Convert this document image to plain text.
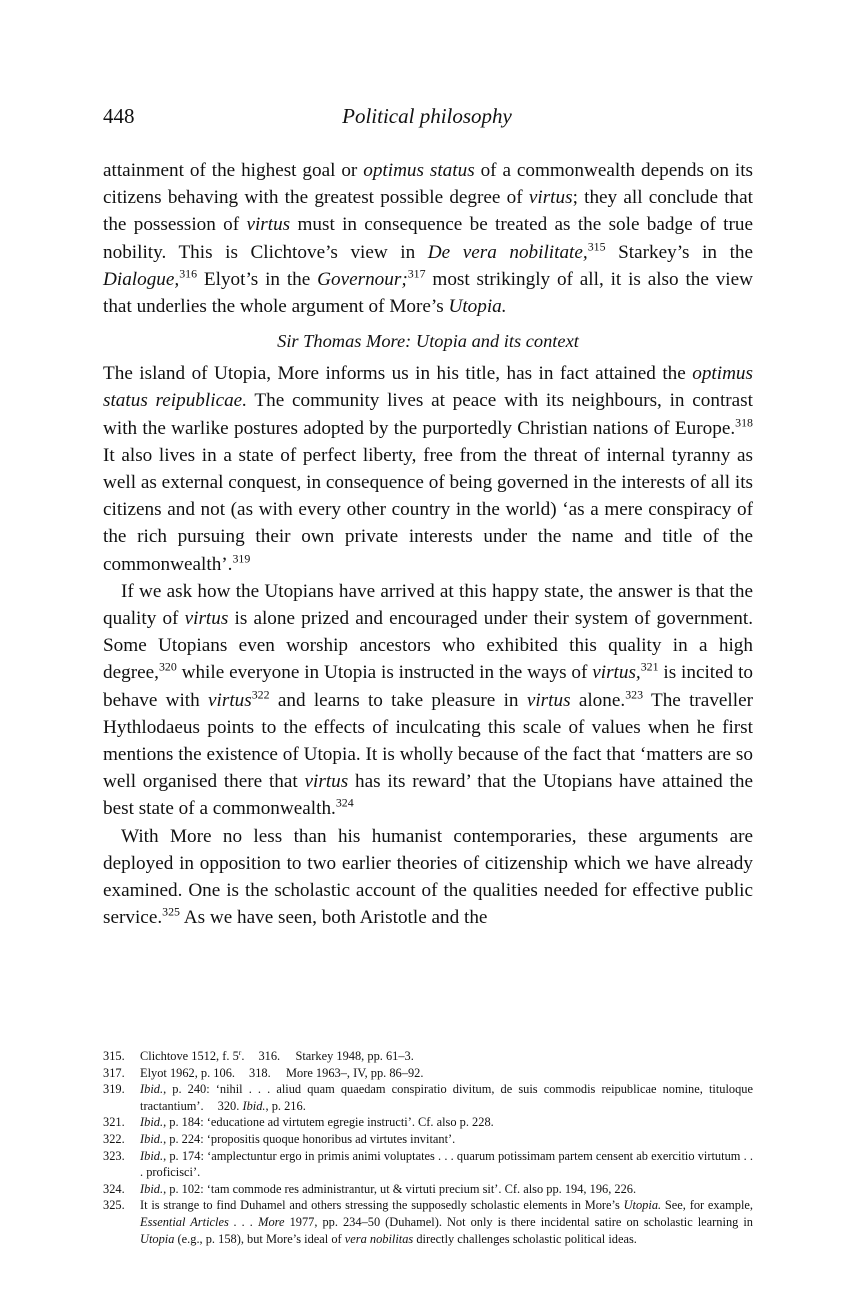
448	Political philosophy

attainment of the highest goal or optimus status of a commonwealth depends on its citizens behaving with the greatest possible degree of virtus; they all conclude that the possession of virtus must in consequence be treated as the sole badge of true nobility. This is Clichtove’s view in De vera nobilitate,$^{315}$ Starkey’s in the Dialogue,$^{316}$ Elyot’s in the Governour;$^{317}$ most strikingly of all, it is also the view that underlies the whole argument of More’s Utopia.

Sir Thomas More: Utopia and its context

The island of Utopia, More informs us in his title, has in fact attained the optimus status reipublicae. The community lives at peace with its neighbours, in contrast with the warlike postures adopted by the purportedly Christian nations of Europe.$^{318}$ It also lives in a state of perfect liberty, free from the threat of internal tyranny as well as external conquest, in consequence of being governed in the interests of all its citizens and not (as with every other country in the world) ‘as a mere conspiracy of the rich pursuing their own private interests under the name and title of the commonwealth’.$^{319}$

If we ask how the Utopians have arrived at this happy state, the answer is that the quality of virtus is alone prized and encouraged under their system of government. Some Utopians even worship ancestors who exhibited this quality in a high degree,$^{320}$ while everyone in Utopia is instructed in the ways of virtus,$^{321}$ is incited to behave with virtus$^{322}$ and learns to take pleasure in virtus alone.$^{323}$ The traveller Hythlodaeus points to the effects of inculcating this scale of values when he first mentions the existence of Utopia. It is wholly because of the fact that ‘matters are so well organised there that virtus has its reward’ that the Utopians have attained the best state of a commonwealth.$^{324}$

With More no less than his humanist contemporaries, these arguments are deployed in opposition to two earlier theories of citizenship which we have already examined. One is the scholastic account of the qualities needed for effective public service.$^{325}$ As we have seen, both Aristotle and the

315. Clichtove 1512, f. 5$^r$. 316. Starkey 1948, pp. 61–3.
317. Elyot 1962, p. 106. 318. More 1963–, IV, pp. 86–92.
319. Ibid., p. 240: ‘nihil . . . aliud quam quaedam conspiratio divitum, de suis commodis reipublicae nomine, tituloque tractantium’. 320. Ibid., p. 216.
321. Ibid., p. 184: ‘educatione ad virtutem egregie instructi’. Cf. also p. 228.
322. Ibid., p. 224: ‘propositis quoque honoribus ad virtutes invitant’.
323. Ibid., p. 174: ‘amplectuntur ergo in primis animi voluptates . . . quarum potissimam partem censent ab exercitio virtutum . . . proficisci’.
324. Ibid., p. 102: ‘tam commode res administrantur, ut & virtuti precium sit’. Cf. also pp. 194, 196, 226.
325. It is strange to find Duhamel and others stressing the supposedly scholastic elements in More’s Utopia. See, for example, Essential Articles . . . More 1977, pp. 234–50 (Duhamel). Not only is there incidental satire on scholastic learning in Utopia (e.g., p. 158), but More’s ideal of vera nobilitas directly challenges scholastic political ideas.
